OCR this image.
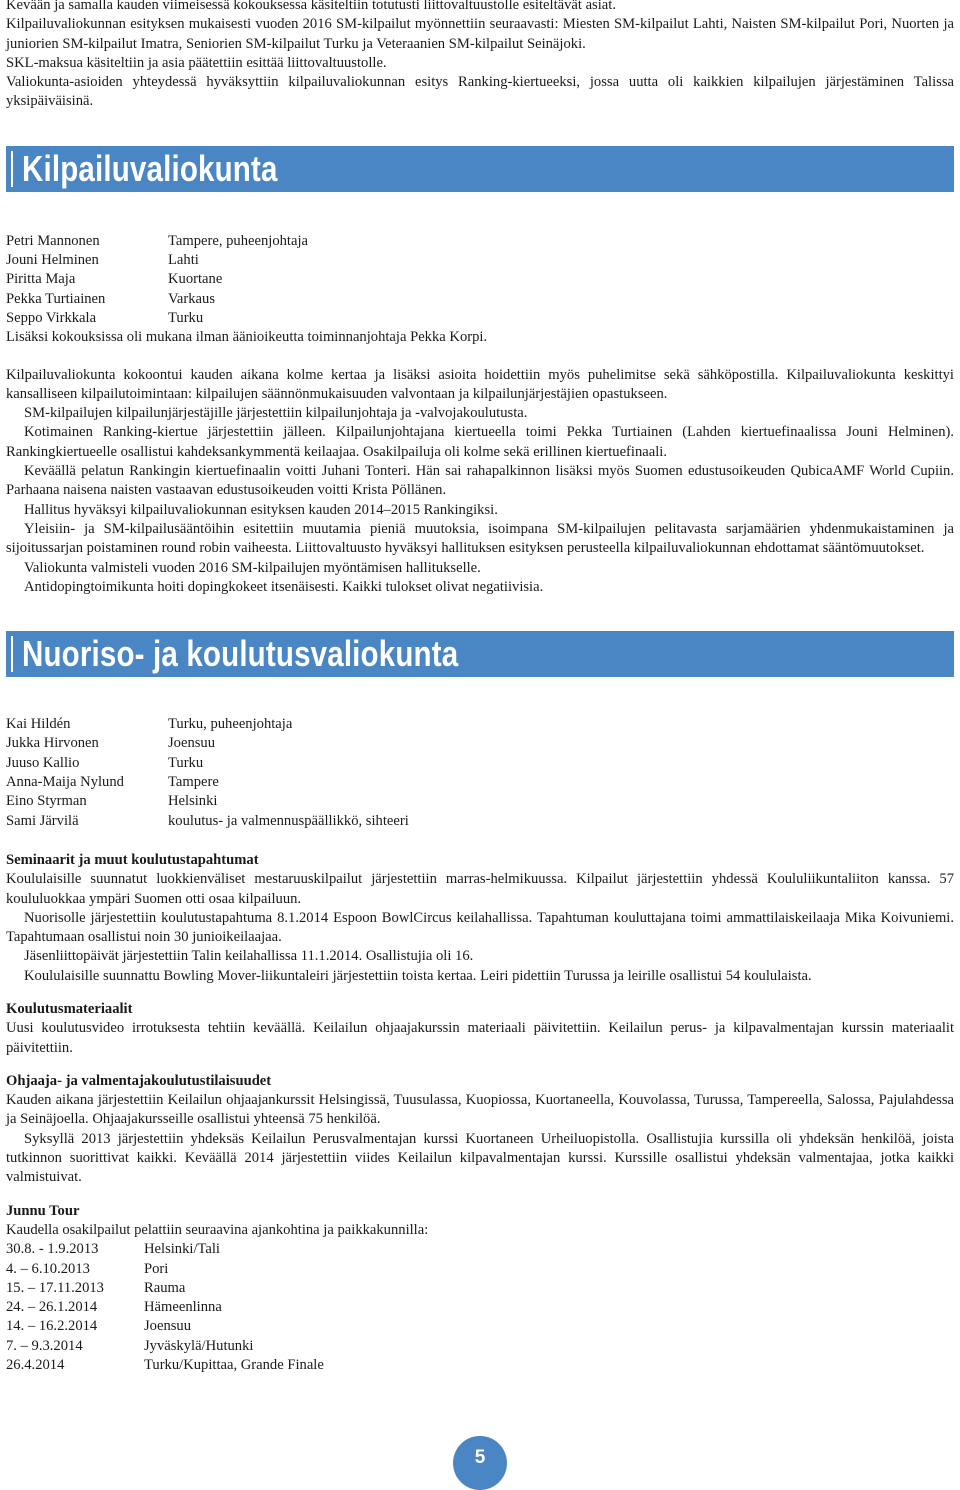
Kevään ja samalla kauden viimeisessä kokouksessa käsiteltiin totutusti liittovaltuustolle esiteltävät asiat.

Kilpailuvaliokunnan esityksen mukaisesti vuoden 2016 SM-kilpailut myönnettiin seuraavasti: Miesten SM-kilpailut Lahti, Naisten SM-kilpailut Pori, Nuorten ja juniorien SM-kilpailut Imatra, Seniorien SM-kilpailut Turku ja Veteraanien SM-kilpailut Seinäjoki.

SKL-maksua käsiteltiin ja asia päätettiin esittää liittovaltuustolle.

Valiokunta-asioiden yhteydessä hyväksyttiin kilpailuvaliokunnan esitys Ranking-kiertueeksi, jossa uutta oli kaikkien kilpailujen järjestäminen Talissa yksipäiväisinä.

Kilpailuvaliokunta
Petri Mannonen	Tampere, puheenjohtaja
Jouni Helminen	Lahti
Piritta Maja	Kuortane
Pekka Turtiainen	Varkaus
Seppo Virkkala	Turku

Lisäksi kokouksissa oli mukana ilman äänioikeutta toiminnanjohtaja Pekka Korpi.

Kilpailuvaliokunta kokoontui kauden aikana kolme kertaa ja lisäksi asioita hoidettiin myös puhelimitse sekä sähköpostilla. Kilpailuvaliokunta keskittyi kansalliseen kilpailutoimintaan: kilpailujen säännönmukaisuuden valvontaan ja kilpailunjärjestäjien opastukseen.

SM-kilpailujen kilpailunjärjestäjille järjestettiin kilpailunjohtaja ja -valvojakoulutusta.

Kotimainen Ranking-kiertue järjestettiin jälleen. Kilpailunjohtajana kiertueella toimi Pekka Turtiainen (Lahden kiertuefinaalissa Jouni Helminen). Rankingkiertueelle osallistui kahdeksankymmentä keilaajaa. Osakilpailuja oli kolme sekä erillinen kiertuefinaali.

Keväällä pelatun Rankingin kiertuefinaalin voitti Juhani Tonteri. Hän sai rahapalkinnon lisäksi myös Suomen edustusoikeuden QubicaAMF World Cupiin. Parhaana naisena naisten vastaavan edustusoikeuden voitti Krista Pöllänen.

Hallitus hyväksyi kilpailuvaliokunnan esityksen kauden 2014–2015 Rankingiksi.

Yleisiin- ja SM-kilpailusääntöihin esitettiin muutamia pieniä muutoksia, isoimpana SM-kilpailujen pelitavasta sarjamäärien yhdenmukaistaminen ja sijoitussarjan poistaminen round robin vaiheesta. Liittovaltuusto hyväksyi hallituksen esityksen perusteella kilpailuvaliokunnan ehdottamat sääntömuutokset.

Valiokunta valmisteli vuoden 2016 SM-kilpailujen myöntämisen hallitukselle.

Antidopingtoimikunta hoiti dopingkokeet itsenäisesti. Kaikki tulokset olivat negatiivisia.

Nuoriso- ja koulutusvaliokunta
Kai Hildén	Turku, puheenjohtaja
Jukka Hirvonen	Joensuu
Juuso Kallio	Turku
Anna-Maija Nylund	Tampere
Eino Styrman	Helsinki
Sami Järvilä	koulutus- ja valmennuspäällikkö, sihteeri
Seminaarit ja muut koulutustapahtumat

Koululaisille suunnatut luokkienväliset mestaruuskilpailut järjestettiin marras-helmikuussa. Kilpailut järjestettiin yhdessä Koululiikuntaliiton kanssa. 57 koululuokkaa ympäri Suomen otti osaa kilpailuun.

Nuorisolle järjestettiin koulutustapahtuma 8.1.2014 Espoon BowlCircus keilahallissa. Tapahtuman kouluttajana toimi ammattilaiskeilaaja Mika Koivuniemi. Tapahtumaan osallistui noin 30 junioikeilaajaa.

Jäsenliittopäivät järjestettiin Talin keilahallissa 11.1.2014. Osallistujia oli 16.

Koululaisille suunnattu Bowling Mover-liikuntaleiri järjestettiin toista kertaa. Leiri pidettiin Turussa ja leirille osallistui 54 koululaista.

Koulutusmateriaalit

Uusi koulutusvideo irrotuksesta tehtiin keväällä. Keilailun ohjaajakurssin materiaali päivitettiin. Keilailun perus- ja kilpavalmentajan kurssin materiaalit päivitettiin.

Ohjaaja- ja valmentajakoulutustilaisuudet

Kauden aikana järjestettiin Keilailun ohjaajankurssit Helsingissä, Tuusulassa, Kuopiossa, Kuortaneella, Kouvolassa, Turussa, Tampereella, Salossa, Pajulahdessa ja Seinäjoella. Ohjaajakursseille osallistui yhteensä 75 henkilöä.

Syksyllä 2013 järjestettiin yhdeksäs Keilailun Perusvalmentajan kurssi Kuortaneen Urheiluopistolla. Osallistujia kurssilla oli yhdeksän henkilöä, joista tutkinnon suorittivat kaikki. Keväällä 2014 järjestettiin viides Keilailun kilpavalmentajan kurssi. Kurssille osallistui yhdeksän valmentajaa, jotka kaikki valmistuivat.

Junnu Tour

Kaudella osakilpailut pelattiin seuraavina ajankohtina ja paikkakunnilla:

30.8. - 1.9.2013	Helsinki/Tali
4. – 6.10.2013	Pori
15. – 17.11.2013	Rauma
24. – 26.1.2014	Hämeenlinna
14. – 16.2.2014	Joensuu
7. – 9.3.2014	Jyväskylä/Hutunki
26.4.2014	Turku/Kupittaa, Grande Finale
5
